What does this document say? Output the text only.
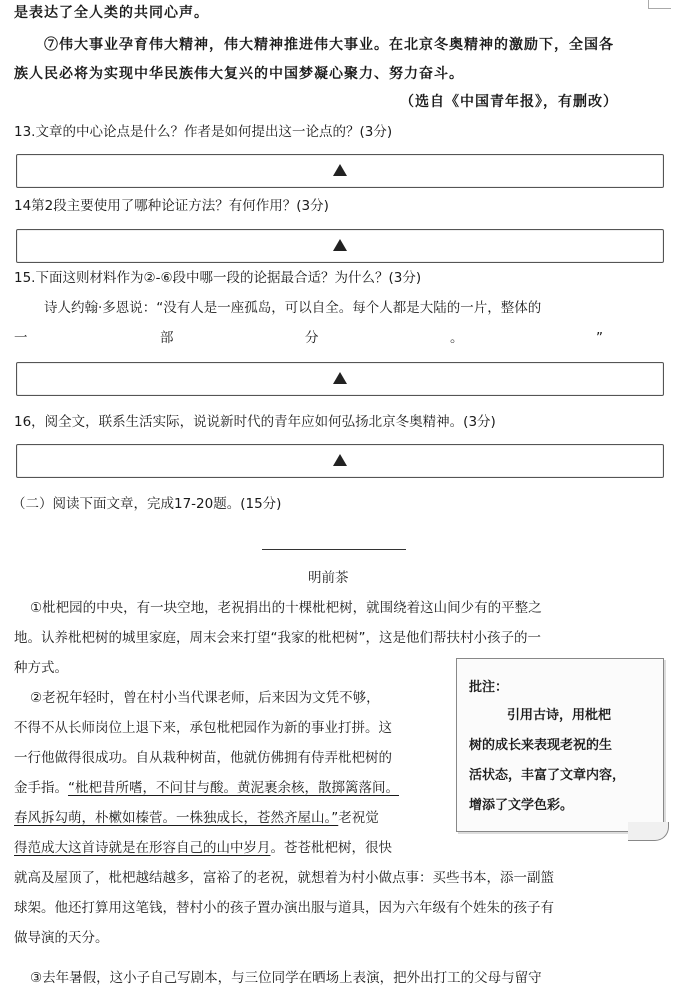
是表达了全人类的共同心声。
⑦伟大事业孕育伟大精神，伟大精神推进伟大事业。在北京冬奥精神的激励下，全国各
族人民必将为实现中华民族伟大复兴的中国梦凝心聚力、努力奋斗。
（选自《中国青年报》，有删改）
13.文章的中心论点是什么？作者是如何提出这一论点的？(3分)
14第2段主要使用了哪种论证方法？有何作用？(3分)
15.下面这则材料作为②-⑥段中哪一段的论据最合适？为什么？(3分)
诗人约翰·多恩说：“没有人是一座孤岛，可以自全。每个人都是大陆的一片，整体的
一	部	分	。	”
16，阅全文，联系生活实际，说说新时代的青年应如何弘扬北京冬奥精神。(3分)
（二）阅读下面文章，完成17-20题。(15分)
明前茶
①枇杷园的中央，有一块空地，老祝捐出的十棵枇杷树，就围绕着这山间少有的平整之
地。认养枇杷树的城里家庭，周末会来打望“我家的枇杷树”，这是他们帮扶村小孩子的一
种方式。
②老祝年轻时，曾在村小当代课老师，后来因为文凭不够，
不得不从长师岗位上退下来，承包枇杷园作为新的事业打拼。这
一行他做得很成功。自从栽种树苗，他就仿佛拥有侍弄枇杷树的
金手指。“枇杷昔所嗜，不问甘与酸。黄泥裹余核，散掷篱落间。
春风拆勾萌，朴樕如榛菅。一株独成长，苍然齐屋山。”老祝觉
得范成大这首诗就是在形容自己的山中岁月。苍苍枇杷树，很快
就高及屋顶了，枇杷越结越多，富裕了的老祝，就想着为村小做点事：买些书本，添一副篮
球架。他还打算用这笔钱，替村小的孩子置办演出服与道具，因为六年级有个姓朱的孩子有
做导演的天分。
③去年暑假，这小子自己写剧本，与三位同学在晒场上表演，把外出打工的父母与留守
批注：
引用古诗，用枇杷
树的成长来表现老祝的生
活状态，丰富了文章内容，
增添了文学色彩。
